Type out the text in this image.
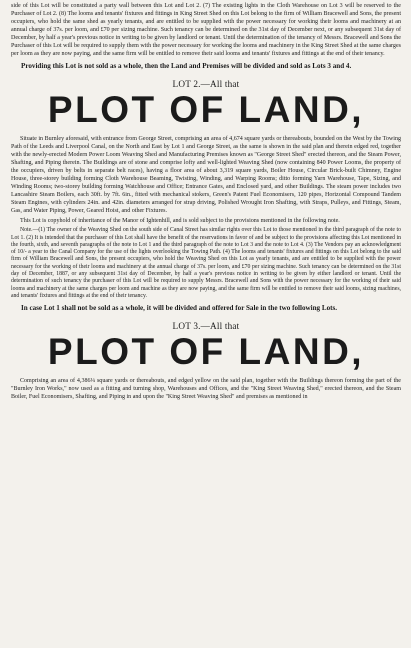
side of this Lot will be constituted a party wall between this Lot and Lot 2. (7) The existing lights in the Cloth Warehouse on Lot 3 will be reserved to the Purchaser of Lot 2. (8) The looms and tenants' fixtures and fittings in King Street Shed on this Lot belong to the firm of William Bracewell and Sons, the present occupiers, who hold the same shed as yearly tenants, and are entitled to be supplied with the power necessary for working their looms and machinery at an annual charge of 37s. per loom, and £70 per sizing machine. Such tenancy can be determined on the 31st day of December next, or any subsequent 31st day of December, by half a year's previous notice in writing to be given by landlord or tenant. Until the determination of the tenancy of Messrs. Bracewell and Sons the Purchaser of this Lot will be required to supply them with the power necessary for working the looms and machinery in the King Street Shed at the same charges per loom as they are now paying, and the same firm will be entitled to remove their said looms and tenants' fixtures and fittings at the end of their tenancy.

Providing this Lot is not sold as a whole, then the Land and Premises will be divided and sold as Lots 3 and 4.

LOT 2.—All that
PLOT OF LAND,

Situate in Burnley aforesaid, with entrance from George Street, comprising an area of 4,674 square yards or thereabouts, bounded on the West by the Towing Path of the Leeds and Liverpool Canal, on the North and East by Lot 1 and George Street, as the same is shown in the said plan and therein edged red, together with the newly-erected Modern Power Loom Weaving Shed and Manufacturing Premises known as "George Street Shed" erected thereon, and the Steam Power, Shafting, and Piping therein. The Buildings are of stone and comprise lofty and well-lighted Weaving Shed (now containing 840 Power Looms, the property of the occupiers, driven by belts in separate belt races), having a floor area of about 3,319 square yards, Boiler House, Circular Brick-built Chimney, Engine House, three-storey building forming Cloth Warehouse Beaming, Twisting, Winding, and Warping Rooms; ditto forming Yarn Warehouse, Tape, Sizing, and Winding Rooms; two-storey building forming Watchhouse and Office; Entrance Gates, and Enclosed yard, and other Buildings. The steam power includes two Lancashire Steam Boilers, each 30ft. by 7ft. 6in., fitted with mechanical stokers, Green's Patent Fuel Economisers, 120 pipes, Horizontal Compound Tandem Steam Engines, with cylinders 24in. and 42in. diameters arranged for strap driving, Polished Wrought Iron Shafting, with Straps, Pulleys, and Fittings, Steam, Gas, and Water Piping, Power, Geared Hoist, and other Fixtures.

This Lot is copyhold of inheritance of the Manor of Ightenhill, and is sold subject to the provisions mentioned in the following note.

Note.—(1) The owner of the Weaving Shed on the south side of Canal Street has similar rights over this Lot to those mentioned in the third paragraph of the note to Lot 1. (2) It is intended that the purchaser of this Lot shall have the benefit of the reservations in favor of and be subject to the provisions affecting this Lot mentioned in the fourth, sixth, and seventh paragraphs of the note to Lot 1 and the third paragraph of the note to Lot 3 and the note to Lot 4. (3) The Vendors pay an acknowledgment of 10/- a year to the Canal Company for the use of the lights overlooking the Towing Path. (4) The looms and tenants' fixtures and fittings on this Lot belong to the said firm of William Bracewell and Sons, the present occupiers, who hold the Weaving Shed on this Lot as yearly tenants, and are entitled to be supplied with the power necessary for the working of their looms and machinery at the annual charge of 37s. per loom, and £70 per sizing machine. Such tenancy can be determined on the 31st day of December, 1887, or any subsequent 31st day of December, by half a year's previous notice in writing to be given by either landlord or tenant. Until the determination of such tenancy the purchaser of this Lot will be required to supply Messrs. Bracewell and Sons with the power necessary for the working of their said looms and machinery at the same charges per loom and machine as they are now paying, and the same firm will be entitled to remove their said looms, sizing machines, and tenants' fixtures and fittings at the end of their tenancy.

In case Lot 1 shall not be sold as a whole, it will be divided and offered for Sale in the two following Lots.

LOT 3.—All that
PLOT OF LAND,

Comprising an area of 4,386¼ square yards or thereabouts, and edged yellow on the said plan, together with the Buildings thereon forming the part of the "Burnley Iron Works," now used as a fitting and turning shop, Warehouses and Offices, and the "King Street Weaving Shed," erected thereon, and the Steam Boiler, Fuel Economisers, Shafting, and Piping in and upon the "King Street Weaving Shed" and premises as mentioned in
